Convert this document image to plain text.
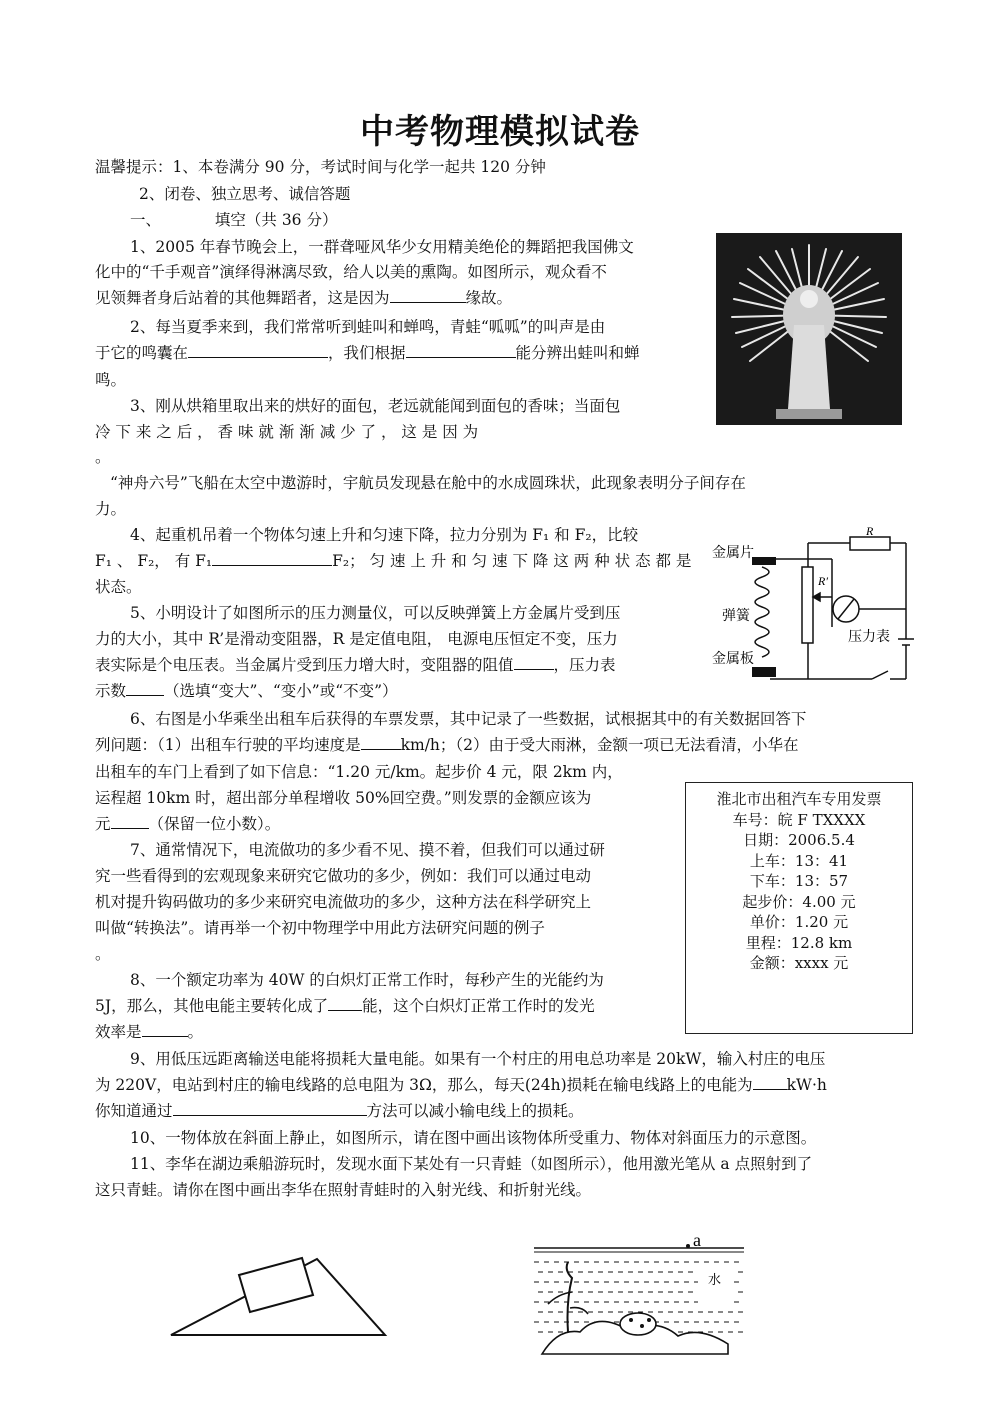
中考物理模拟试卷
温馨提示：1、本卷满分 90 分，考试时间与化学一起共 120 分钟
2、闭卷、独立思考、诚信答题
一、	填空（共 36 分）
1、2005 年春节晚会上，一群聋哑风华少女用精美绝伦的舞蹈把我国佛文
化中的“千手观音”演绎得淋漓尽致，给人以美的熏陶。如图所示，观众看不
见领舞者身后站着的其他舞蹈者，这是因为	缘故。
2、每当夏季来到，我们常常听到蛙叫和蝉鸣，青蛙“呱呱”的叫声是由
于它的鸣囊在	，我们根据	能分辨出蛙叫和蝉
鸣。
3、刚从烘箱里取出来的烘好的面包，老远就能闻到面包的香味；当面包
冷 下 来 之 后 ， 香 味 就 渐 渐 减 少 了 ， 这 是 因 为
。
“神舟六号”飞船在太空中遨游时，宇航员发现悬在舱中的水成圆珠状，此现象表明分子间存在
力。
4、起重机吊着一个物体匀速上升和匀速下降，拉力分别为 F₁ 和 F₂，比较
F₁ 、 F₂， 有 F₁	F₂； 匀 速 上 升 和 匀 速 下 降 这 两 种 状 态 都 是
状态。
5、小明设计了如图所示的压力测量仪，可以反映弹簧上方金属片受到压
力的大小，其中 R’是滑动变阻器，R 是定值电阻， 电源电压恒定不变，压力
表实际是个电压表。当金属片受到压力增大时，变阻器的阻值	，压力表
示数 （选填“变大”、“变小”或“不变”）
6、右图是小华乘坐出租车后获得的车票发票，其中记录了一些数据，试根据其中的有关数据回答下
列问题：（1）出租车行驶的平均速度是	km/h；（2）由于受大雨淋，金额一项已无法看清，小华在
出租车的车门上看到了如下信息：“1.20 元/km。起步价 4 元，限 2km 内，
运程超 10km 时，超出部分单程增收 50%回空费。”则发票的金额应该为
元 （保留一位小数）。
7、通常情况下，电流做功的多少看不见、摸不着，但我们可以通过研
究一些看得到的宏观现象来研究它做功的多少，例如：我们可以通过电动
机对提升钩码做功的多少来研究电流做功的多少，这种方法在科学研究上
叫做“转换法”。请再举一个初中物理学中用此方法研究问题的例子
。
8、一个额定功率为 40W 的白炽灯正常工作时，每秒产生的光能约为
5J，那么，其他电能主要转化成了 能，这个白炽灯正常工作时的发光
效率是	。
9、用低压远距离输送电能将损耗大量电能。如果有一个村庄的用电总功率是 20kW，输入村庄的电压
为 220V，电站到村庄的输电线路的总电阻为 3Ω，那么，每天(24h)损耗在输电线路上的电能为 kW·h
你知道通过	方法可以减小输电线上的损耗。
10、一物体放在斜面上静止，如图所示，请在图中画出该物体所受重力、物体对斜面压力的示意图。
11、李华在湖边乘船游玩时，发现水面下某处有一只青蛙（如图所示），他用激光笔从 a 点照射到了
这只青蛙。请你在图中画出李华在照射青蛙时的入射光线、和折射光线。
金属片
弹簧
金属板
R
R′
压力表
淮北市出租汽车专用发票
车号：皖 F TXXXX
日期：2006.5.4
上车：13：41
下车：13：57
起步价：4.00 元
单价：1.20 元
里程：12.8 km
金额：xxxx 元
a
水
